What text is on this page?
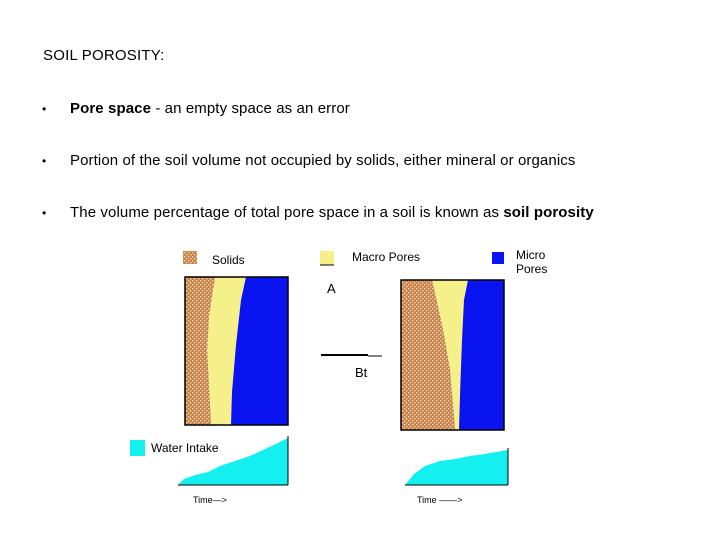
SOIL POROSITY:
• Pore space - an empty space as an error
• Portion of the soil volume not occupied by solids, either mineral or organics
• The volume percentage of total pore space in a soil is known as soil porosity
Solids	Macro Pores	Micro
Pores
A
Bt
Water Intake
Time—>	Time ——>
